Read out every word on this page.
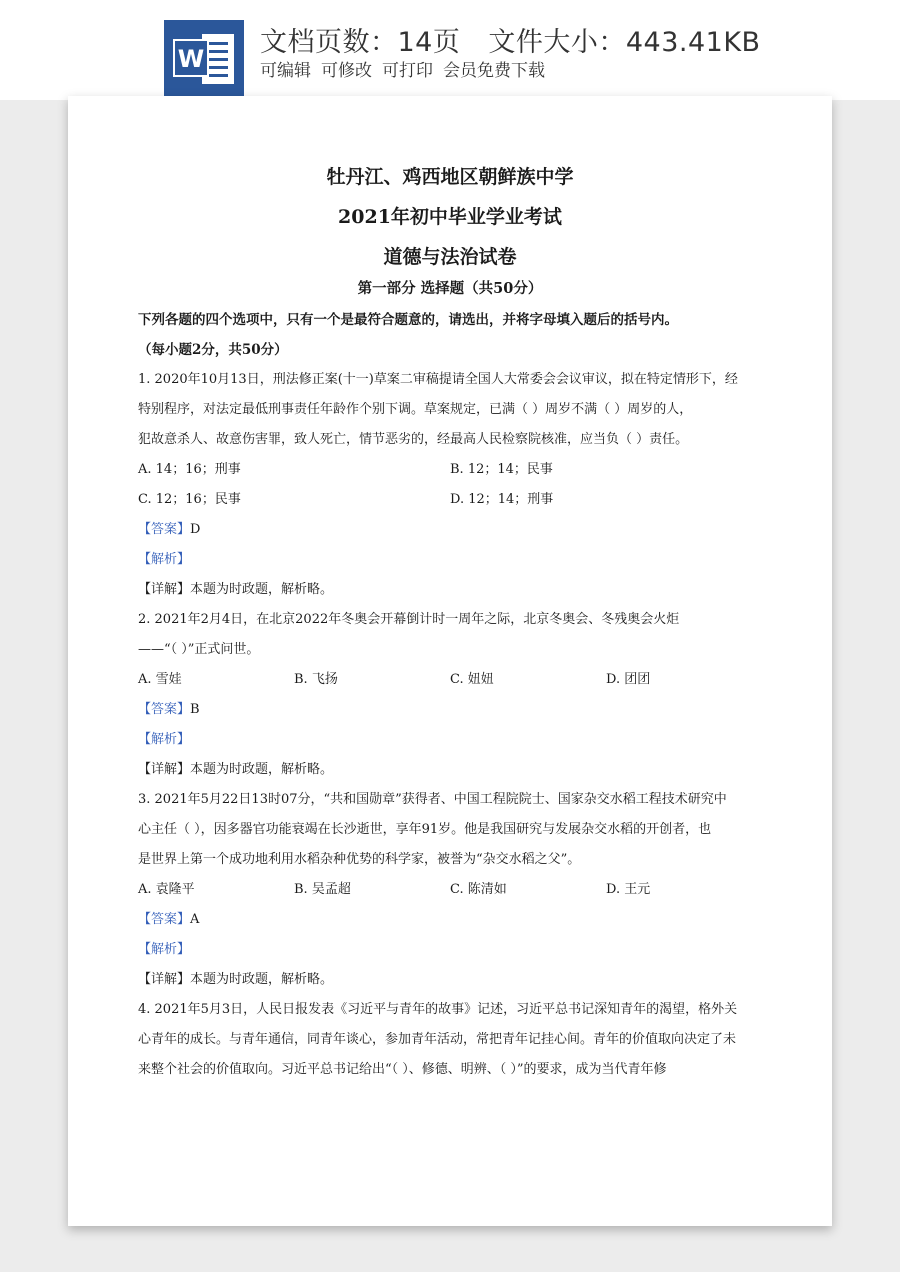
W
文档页数：14页 文件大小：443.41KB
可编辑 可修改 可打印 会员免费下载
牡丹江、鸡西地区朝鲜族中学
2021年初中毕业学业考试
道德与法治试卷
第一部分 选择题（共50分）
下列各题的四个选项中，只有一个是最符合题意的，请选出，并将字母填入题后的括号内。
（每小题2分，共50分）
1. 2020年10月13日，刑法修正案(十一)草案二审稿提请全国人大常委会会议审议，拟在特定情形下，经
特别程序，对法定最低刑事责任年龄作个别下调。草案规定，已满（ ）周岁不满（ ）周岁的人，
犯故意杀人、故意伤害罪，致人死亡，情节恶劣的，经最高人民检察院核准，应当负（ ）责任。
A. 14；16；刑事	B. 12；14；民事
C. 12；16；民事	D. 12；14；刑事
【答案】D
【解析】
【详解】本题为时政题，解析略。
2. 2021年2月4日，在北京2022年冬奥会开幕倒计时一周年之际，北京冬奥会、冬残奥会火炬
——“（ ）”正式问世。
A. 雪娃	B. 飞扬	C. 妞妞	D. 团团
【答案】B
【解析】
【详解】本题为时政题，解析略。
3. 2021年5月22日13时07分，“共和国勋章”获得者、中国工程院院士、国家杂交水稻工程技术研究中
心主任（ ），因多器官功能衰竭在长沙逝世，享年91岁。他是我国研究与发展杂交水稻的开创者，也
是世界上第一个成功地利用水稻杂种优势的科学家，被誉为“杂交水稻之父”。
A. 袁隆平	B. 吴孟超	C. 陈清如	D. 王元
【答案】A
【解析】
【详解】本题为时政题，解析略。
4. 2021年5月3日，人民日报发表《习近平与青年的故事》记述，习近平总书记深知青年的渴望，格外关
心青年的成长。与青年通信，同青年谈心，参加青年活动，常把青年记挂心间。青年的价值取向决定了未
来整个社会的价值取向。习近平总书记给出“（ ）、修德、明辨、（ ）”的要求，成为当代青年修
